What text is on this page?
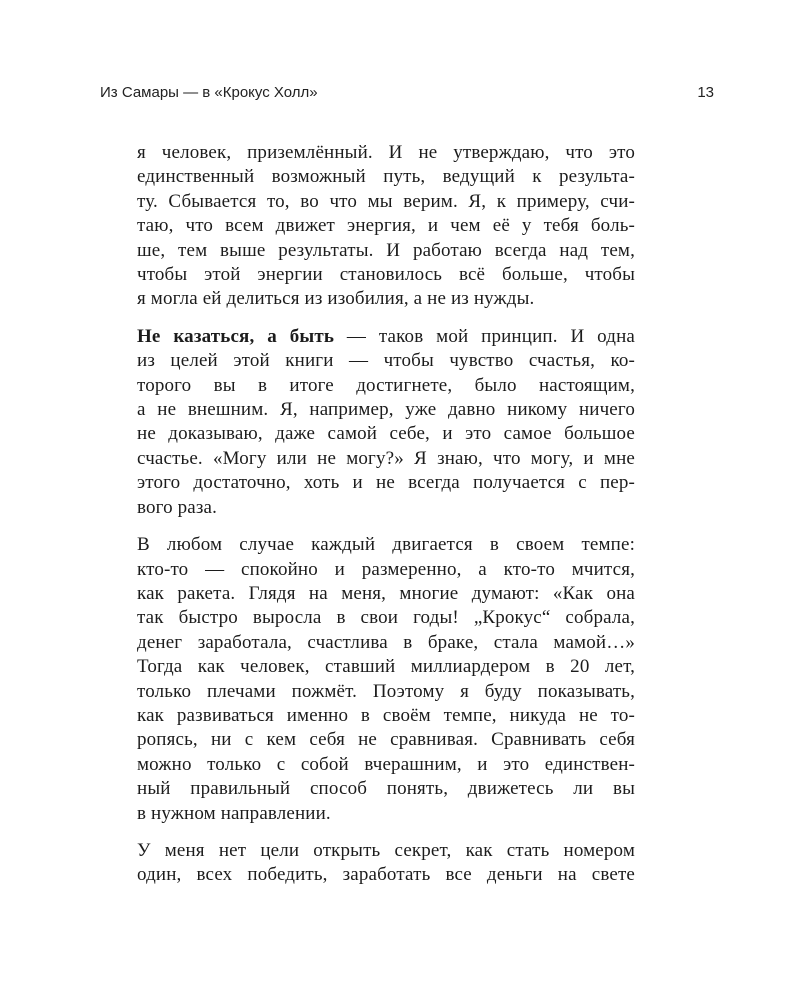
Из Самары — в «Крокус Холл»	13

я человек, приземлённый. И не утверждаю, что это
единственный возможный путь, ведущий к результа-
ту. Сбывается то, во что мы верим. Я, к примеру, счи-
таю, что всем движет энергия, и чем её у тебя боль-
ше, тем выше результаты. И работаю всегда над тем,
чтобы этой энергии становилось всё больше, чтобы
я могла ей делиться из изобилия, а не из нужды.

Не казаться, а быть — таков мой принцип. И одна
из целей этой книги — чтобы чувство счастья, ко-
торого вы в итоге достигнете, было настоящим,
а не внешним. Я, например, уже давно никому ничего
не доказываю, даже самой себе, и это самое большое
счастье. «Могу или не могу?» Я знаю, что могу, и мне
этого достаточно, хоть и не всегда получается с пер-
вого раза.

В любом случае каждый двигается в своем темпе:
кто-то — спокойно и размеренно, а кто-то мчится,
как ракета. Глядя на меня, многие думают: «Как она
так быстро выросла в свои годы! „Крокус“ собрала,
денег заработала, счастлива в браке, стала мамой…»
Тогда как человек, ставший миллиардером в 20 лет,
только плечами пожмёт. Поэтому я буду показывать,
как развиваться именно в своём темпе, никуда не то-
ропясь, ни с кем себя не сравнивая. Сравнивать себя
можно только с собой вчерашним, и это единствен-
ный правильный способ понять, движетесь ли вы
в нужном направлении.

У меня нет цели открыть секрет, как стать номером
один, всех победить, заработать все деньги на свете
